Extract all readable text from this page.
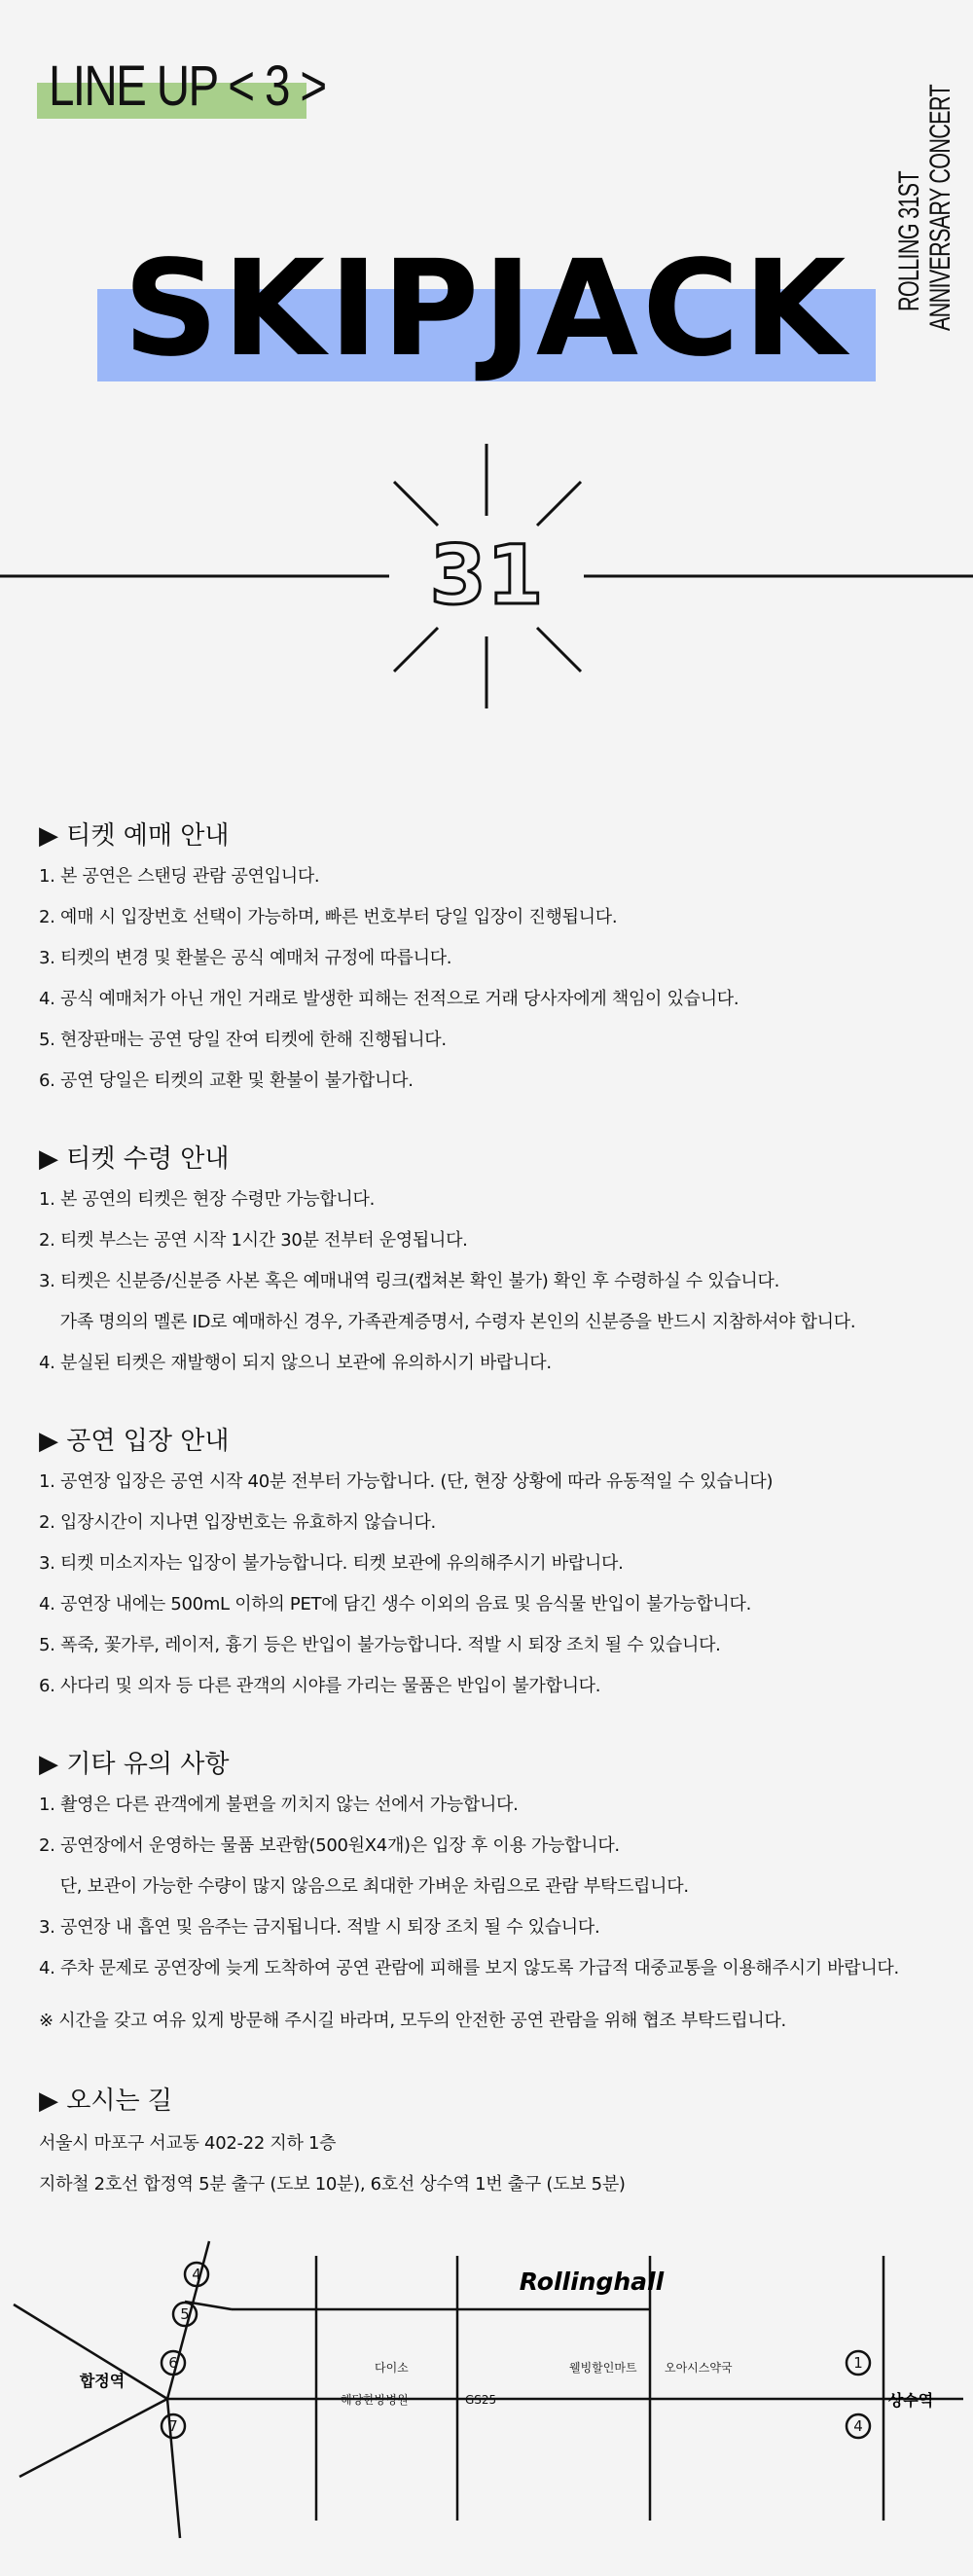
LINE UP < 3 >
ROLLING 31ST ANNIVERSARY CONCERT
SKIPJACK
31
▶ 티켓 예매 안내
1. 본 공연은 스탠딩 관람 공연입니다.
2. 예매 시 입장번호 선택이 가능하며, 빠른 번호부터 당일 입장이 진행됩니다.
3. 티켓의 변경 및 환불은 공식 예매처 규정에 따릅니다.
4. 공식 예매처가 아닌 개인 거래로 발생한 피해는 전적으로 거래 당사자에게 책임이 있습니다.
5. 현장판매는 공연 당일 잔여 티켓에 한해 진행됩니다.
6. 공연 당일은 티켓의 교환 및 환불이 불가합니다.
▶ 티켓 수령 안내
1. 본 공연의 티켓은 현장 수령만 가능합니다.
2. 티켓 부스는 공연 시작 1시간 30분 전부터 운영됩니다.
3. 티켓은 신분증/신분증 사본 혹은 예매내역 링크(캡쳐본 확인 불가) 확인 후 수령하실 수 있습니다.
가족 명의의 멜론 ID로 예매하신 경우, 가족관계증명서, 수령자 본인의 신분증을 반드시 지참하셔야 합니다.
4. 분실된 티켓은 재발행이 되지 않으니 보관에 유의하시기 바랍니다.
▶ 공연 입장 안내
1. 공연장 입장은 공연 시작 40분 전부터 가능합니다. (단, 현장 상황에 따라 유동적일 수 있습니다)
2. 입장시간이 지나면 입장번호는 유효하지 않습니다.
3. 티켓 미소지자는 입장이 불가능합니다. 티켓 보관에 유의해주시기 바랍니다.
4. 공연장 내에는 500mL 이하의 PET에 담긴 생수 이외의 음료 및 음식물 반입이 불가능합니다.
5. 폭죽, 꽃가루, 레이저, 흉기 등은 반입이 불가능합니다. 적발 시 퇴장 조치 될 수 있습니다.
6. 사다리 및 의자 등 다른 관객의 시야를 가리는 물품은 반입이 불가합니다.
▶ 기타 유의 사항
1. 촬영은 다른 관객에게 불편을 끼치지 않는 선에서 가능합니다.
2. 공연장에서 운영하는 물품 보관함(500원X4개)은 입장 후 이용 가능합니다.
단, 보관이 가능한 수량이 많지 않음으로 최대한 가벼운 차림으로 관람 부탁드립니다.
3. 공연장 내 흡연 및 음주는 금지됩니다. 적발 시 퇴장 조치 될 수 있습니다.
4. 주차 문제로 공연장에 늦게 도착하여 공연 관람에 피해를 보지 않도록 가급적 대중교통을 이용해주시기 바랍니다.
※ 시간을 갖고 여유 있게 방문해 주시길 바라며, 모두의 안전한 공연 관람을 위해 협조 부탁드립니다.
▶ 오시는 길
서울시 마포구 서교동 402-22 지하 1층
지하철 2호선 합정역 5분 출구 (도보 10분), 6호선 상수역 1번 출구 (도보 5분)
4
5
6
7
1
4
Rollinghall
합정역
상수역
다이소
해당한방병원	GS25
웰빙할인마트 오아시스약국
